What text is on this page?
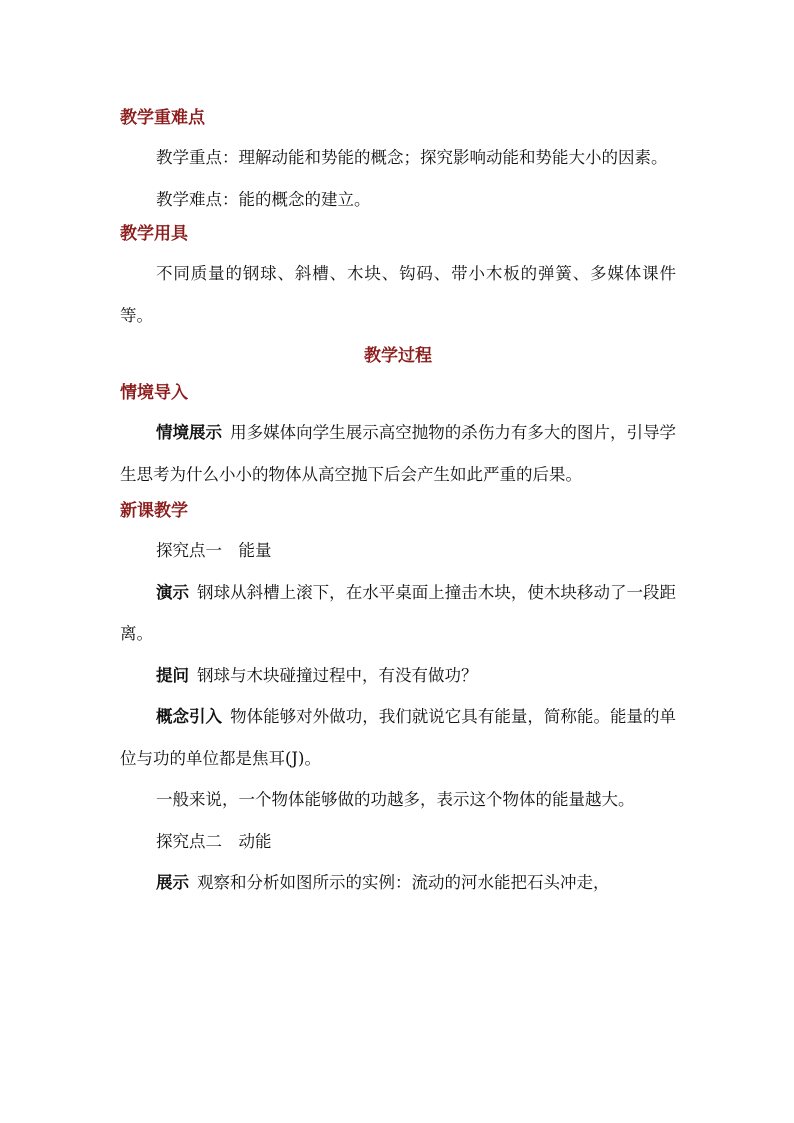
教学重难点

教学重点：理解动能和势能的概念；探究影响动能和势能大小的因素。

教学难点：能的概念的建立。

教学用具

不同质量的钢球、斜槽、木块、钩码、带小木板的弹簧、多媒体课件等。

教学过程
情境导入

情境展示 用多媒体向学生展示高空抛物的杀伤力有多大的图片，引导学生思考为什么小小的物体从高空抛下后会产生如此严重的后果。

新课教学

探究点一　能量

演示 钢球从斜槽上滚下，在水平桌面上撞击木块，使木块移动了一段距离。

提问 钢球与木块碰撞过程中，有没有做功？

概念引入 物体能够对外做功，我们就说它具有能量，简称能。能量的单位与功的单位都是焦耳(J)。

一般来说，一个物体能够做的功越多，表示这个物体的能量越大。

探究点二　动能

展示 观察和分析如图所示的实例：流动的河水能把石头冲走，
